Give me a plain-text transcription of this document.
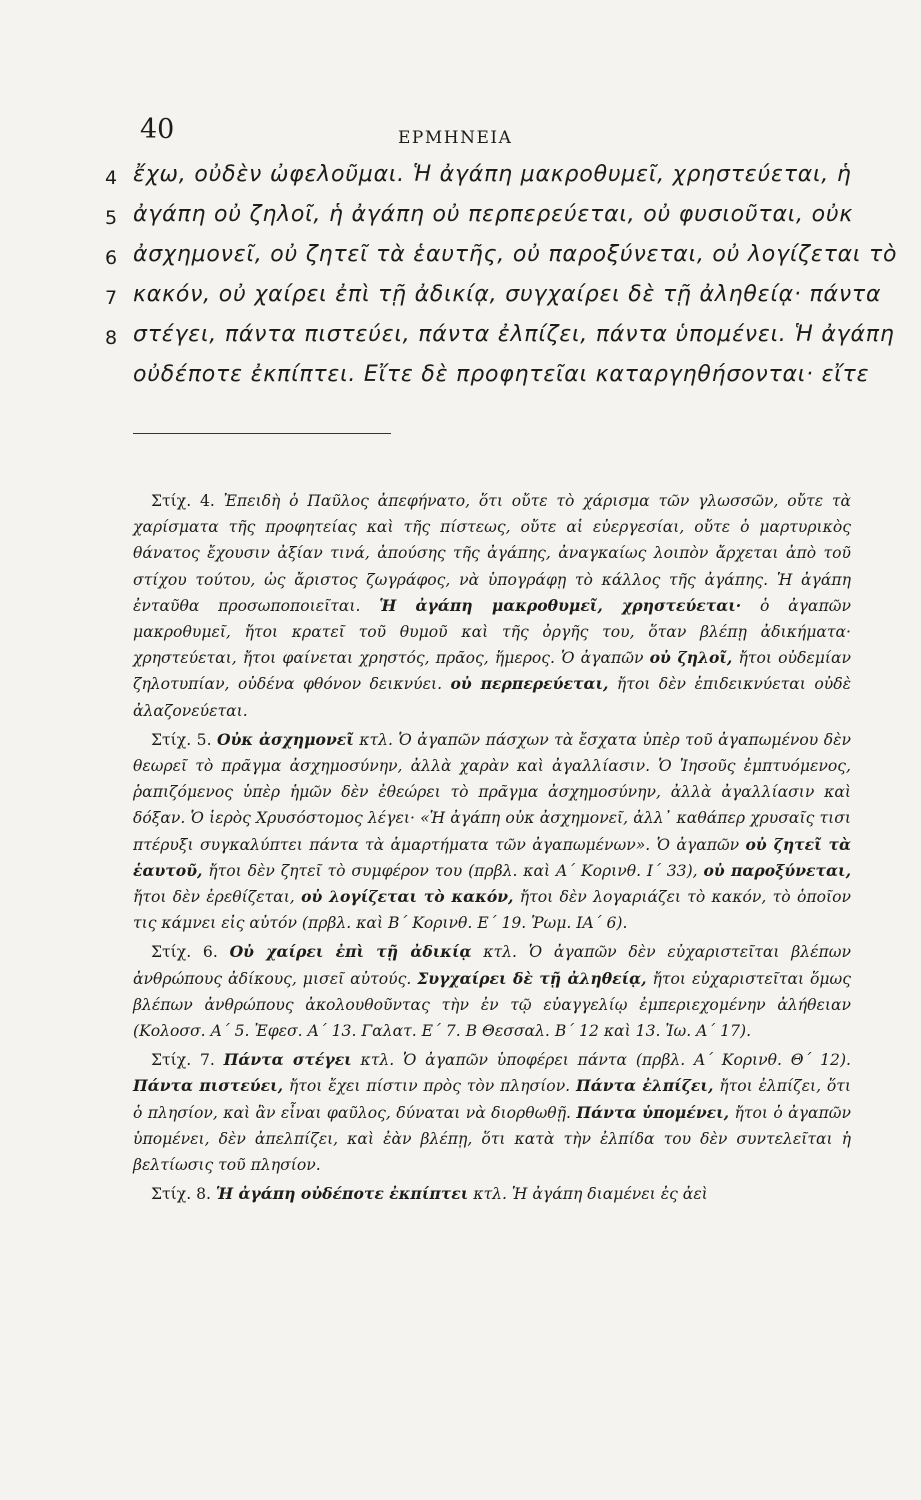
40	ΕΡΜΗΝΕΙΑ
4 ἔχω, οὐδὲν ὠφελοῦμαι. Ἡ ἀγάπη μακροθυμεῖ, χρηστεύεται, ἡ
5 ἀγάπη οὐ ζηλοῖ, ἡ ἀγάπη οὐ περπερεύεται, οὐ φυσιοῦται, οὐκ
6 ἀσχημονεῖ, οὐ ζητεῖ τὰ ἑαυτῆς, οὐ παροξύνεται, οὐ λογίζεται τὸ
7 κακόν, οὐ χαίρει ἐπὶ τῇ ἀδικίᾳ, συγχαίρει δὲ τῇ ἀληθείᾳ· πάντα
8 στέγει, πάντα πιστεύει, πάντα ἐλπίζει, πάντα ὑπομένει. Ἡ ἀγάπη
οὐδέποτε ἐκπίπτει. Εἴτε δὲ προφητεῖαι καταργηθήσονται· εἴτε

Στίχ. 4. Ἐπειδὴ ὁ Παῦλος ἀπεφήνατο, ὅτι οὔτε τὸ χάρισμα τῶν γλωσσῶν, οὔτε τὰ χαρίσματα τῆς προφητείας καὶ τῆς πίστεως, οὔτε αἱ εὐεργεσίαι, οὔτε ὁ μαρτυρικὸς θάνατος ἔχουσιν ἀξίαν τινά, ἀπούσης τῆς ἀγάπης, ἀναγκαίως λοιπὸν ἄρχεται ἀπὸ τοῦ στίχου τούτου, ὡς ἄριστος ζωγράφος, νὰ ὑπογράφῃ τὸ κάλλος τῆς ἀγάπης. Ἡ ἀγάπη ἐνταῦθα προσωποποιεῖται. Ἡ ἀγάπη μακροθυμεῖ, χρηστεύεται· ὁ ἀγαπῶν μακροθυμεῖ, ἤτοι κρατεῖ τοῦ θυμοῦ καὶ τῆς ὀργῆς του, ὅταν βλέπῃ ἀδικήματα· χρηστεύεται, ἤτοι φαίνεται χρηστός, πρᾶος, ἥμερος. Ὁ ἀγαπῶν οὐ ζηλοῖ, ἤτοι οὐδεμίαν ζηλοτυπίαν, οὐδένα φθόνον δεικνύει. οὐ περπερεύεται, ἤτοι δὲν ἐπιδεικνύεται οὐδὲ ἀλαζονεύεται.

Στίχ. 5. Οὐκ ἀσχημονεῖ κτλ. Ὁ ἀγαπῶν πάσχων τὰ ἔσχατα ὑπὲρ τοῦ ἀγαπωμένου δὲν θεωρεῖ τὸ πρᾶγμα ἀσχημοσύνην, ἀλλὰ χαρὰν καὶ ἀγαλλίασιν. Ὁ Ἰησοῦς ἐμπτυόμενος, ῥαπιζόμενος ὑπὲρ ἡμῶν δὲν ἐθεώρει τὸ πρᾶγμα ἀσχημοσύνην, ἀλλὰ ἀγαλλίασιν καὶ δόξαν. Ὁ ἱερὸς Χρυσόστομος λέγει· «Ἡ ἀγάπη οὐκ ἀσχημονεῖ, ἀλλ᾽ καθάπερ χρυσαῖς τισι πτέρυξι συγκαλύπτει πάντα τὰ ἁμαρτήματα τῶν ἀγαπωμένων». Ὁ ἀγαπῶν οὐ ζητεῖ τὰ ἑαυτοῦ, ἤτοι δὲν ζητεῖ τὸ συμφέρον του (πρβλ. καὶ Α΄ Κορινθ. Ι΄ 33), οὐ παροξύνεται, ἤτοι δὲν ἐρεθίζεται, οὐ λογίζεται τὸ κακόν, ἤτοι δὲν λογαριάζει τὸ κακόν, τὸ ὁποῖον τις κάμνει εἰς αὐτόν (πρβλ. καὶ Β΄ Κορινθ. Ε΄ 19. Ῥωμ. ΙΑ΄ 6).

Στίχ. 6. Οὐ χαίρει ἐπὶ τῇ ἀδικίᾳ κτλ. Ὁ ἀγαπῶν δὲν εὐχαριστεῖται βλέπων ἀνθρώπους ἀδίκους, μισεῖ αὐτούς. Συγχαίρει δὲ τῇ ἀληθείᾳ, ἤτοι εὐχαριστεῖται ὅμως βλέπων ἀνθρώπους ἀκολουθοῦντας τὴν ἐν τῷ εὐαγγελίῳ ἐμπεριεχομένην ἀλήθειαν (Κολοσσ. Α΄ 5. Ἐφεσ. Α΄ 13. Γαλατ. Ε΄ 7. Β Θεσσαλ. Β΄ 12 καὶ 13. Ἰω. Α΄ 17).

Στίχ. 7. Πάντα στέγει κτλ. Ὁ ἀγαπῶν ὑποφέρει πάντα (πρβλ. Α΄ Κορινθ. Θ΄ 12). Πάντα πιστεύει, ἤτοι ἔχει πίστιν πρὸς τὸν πλησίον. Πάντα ἐλπίζει, ἤτοι ἐλπίζει, ὅτι ὁ πλησίον, καὶ ἂν εἶναι φαῦλος, δύναται νὰ διορθωθῇ. Πάντα ὑπομένει, ἤτοι ὁ ἀγαπῶν ὑπομένει, δὲν ἀπελπίζει, καὶ ἐὰν βλέπῃ, ὅτι κατὰ τὴν ἐλπίδα του δὲν συντελεῖται ἡ βελτίωσις τοῦ πλησίον.

Στίχ. 8. Ἡ ἀγάπη οὐδέποτε ἐκπίπτει κτλ. Ἡ ἀγάπη διαμένει ἐς ἀεὶ
